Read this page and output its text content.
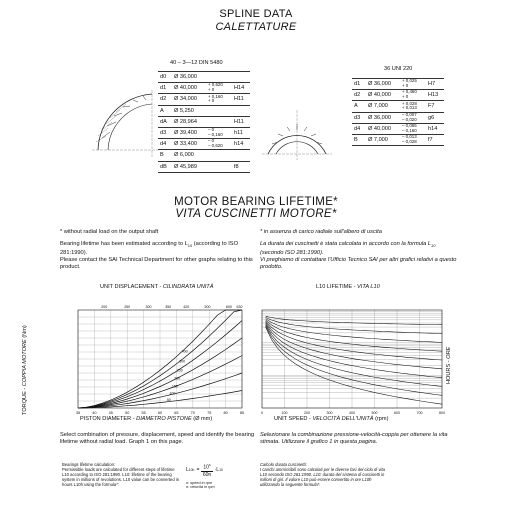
SPLINE DATA
CALETTATURE
40 – 3—12 DIN 5480
d0	Ø 36,000	

d1	Ø 40,000	+ 0,620
+ 0	H14
d2	Ø 34,000	+ 0,160
+ 0	H11
A	Ø 5,250	

dA	Ø 28,964		H11
d3	Ø 39,400	– 0
– 0,160	h11
d4	Ø 33,400	– 0
– 0,620	h14
B	Ø 6,000	

dB	Ø 45,989		f8
36 UNI 220
d1	Ø 36,000	+ 0,025
+ 0	H7
d2	Ø 40,000	+ 0,460
+ 0	H13
A	Ø 7,000	+ 0,028
+ 0,013	F7
d3	Ø 36,000	– 0,007
– 0,020	g6
d4	Ø 40,000	– 0,065
– 0,160	h14
B	Ø 7,000	– 0,013
– 0,028	f7
MOTOR BEARING LIFETIME*
VITA CUSCINETTI MOTORE*
* without radial load on the output shaft	* in assenza di carico radiale sull'albero di uscita
Bearing lifetime has been estimated according to $L_{10}$ (according to ISO 281:1990).
Please contact the SAI Technical Department for other graphs relating to this product.
La durata dei cuscinetti è stata calcolata in accordo con la formula $L_{10}$ (secondo ISO 281:1990).
Vi preghiamo di contattare l'Ufficio Tecnico SAI per altri grafici relativi a questo prodotto.
UNIT DISPLACEMENT - CILINDRATA UNITÀ	L10 LIFETIME - VITA L10
400
300
250
200
150
100
50
200	250	300	350	420	500	600 630
35	40	45	50	55	60	65	70	75	80	85
TORQUE - COPPIA MOTORE (Nm)
PISTON DIAMETER - DIAMETRO PISTONE (Ø mm)
0	100	200	300	400	500	600	700	800
UNIT SPEED - VELOCITÀ DELL'UNITÀ (rpm)
HOURS - ORE
Select combination of pressure, displacement, speed and identify the bearing lifetime without radial load. Graph 1 on this page.
Selezionare la combinazione pressione-velocità-coppia per ottenere la vita stimata. Utilizzare il grafico 1 in questa pagina.
Bearings lifetime calculation:
Permissible loads are calculated for different steps of lifetime L10 according to ISO 281:1990. L10: lifetime of the bearing system in millions of revolutions. L10 value can be converted in hours L10h using the formula*:
L $10h = \frac{10^6}{60n} \cdot L$ 10
n: speed in rpm
n: velocità in rpm
Calcolo durata cuscinetti:
I carichi ammissibili sono calcolati per le diverse fasi del ciclo di vita L10 secondo ISO 281:1990. L10: durata del sistema di cuscinetti in milioni di giri. Il valore L10 può essere convertito in ore L10h utilizzando la seguente formula*.
